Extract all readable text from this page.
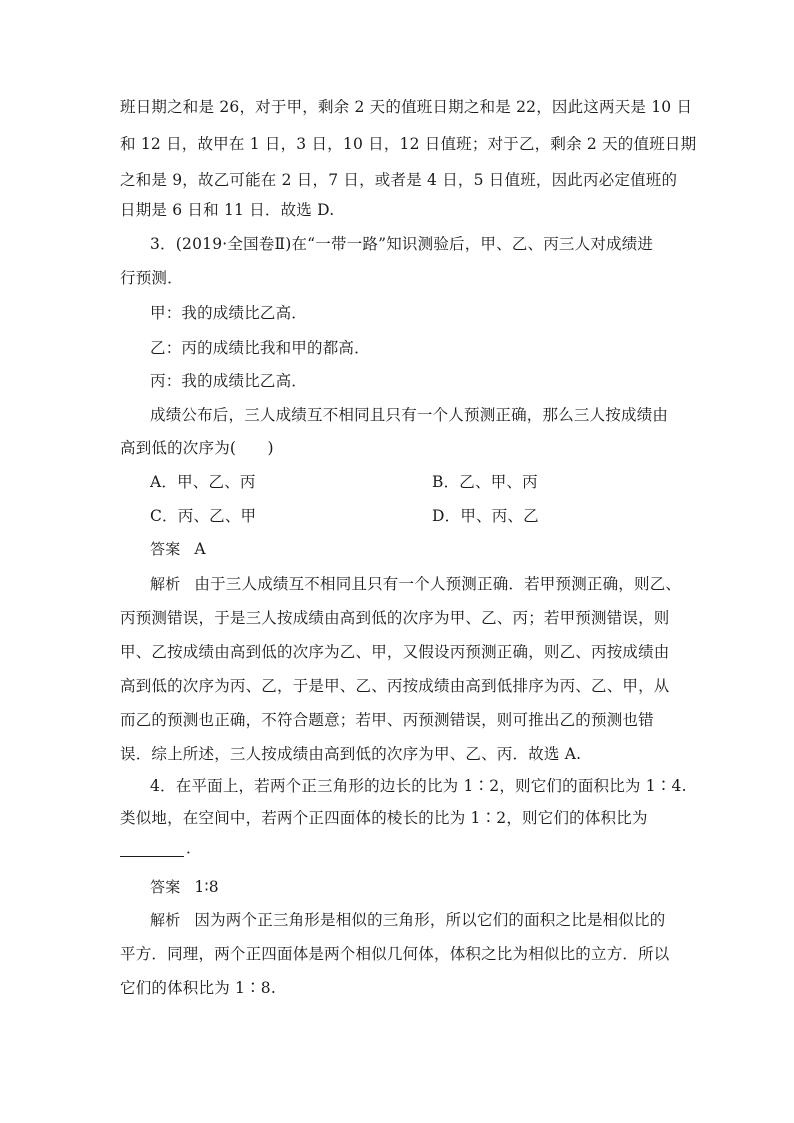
班日期之和是 26，对于甲，剩余 2 天的值班日期之和是 22，因此这两天是 10 日
和 12 日，故甲在 1 日，3 日，10 日，12 日值班；对于乙，剩余 2 天的值班日期
之和是 9，故乙可能在 2 日，7 日，或者是 4 日，5 日值班，因此丙必定值班的
日期是 6 日和 11 日．故选 D.
3．(2019·全国卷Ⅱ)在“一带一路”知识测验后，甲、乙、丙三人对成绩进
行预测．
甲：我的成绩比乙高．
乙：丙的成绩比我和甲的都高．
丙：我的成绩比乙高．
成绩公布后，三人成绩互不相同且只有一个人预测正确，那么三人按成绩由
高到低的次序为(　　)
A．甲、乙、丙	B．乙、甲、丙
C．丙、乙、甲	D．甲、丙、乙
答案 A
解析 由于三人成绩互不相同且只有一个人预测正确．若甲预测正确，则乙、
丙预测错误，于是三人按成绩由高到低的次序为甲、乙、丙；若甲预测错误，则
甲、乙按成绩由高到低的次序为乙、甲，又假设丙预测正确，则乙、丙按成绩由
高到低的次序为丙、乙，于是甲、乙、丙按成绩由高到低排序为丙、乙、甲，从
而乙的预测也正确，不符合题意；若甲、丙预测错误，则可推出乙的预测也错
误．综上所述，三人按成绩由高到低的次序为甲、乙、丙．故选 A.
4．在平面上，若两个正三角形的边长的比为 1∶2，则它们的面积比为 1∶4.
类似地，在空间中，若两个正四面体的棱长的比为 1∶2，则它们的体积比为
．
答案 1∶8
解析 因为两个正三角形是相似的三角形，所以它们的面积之比是相似比的
平方．同理，两个正四面体是两个相似几何体，体积之比为相似比的立方．所以
它们的体积比为 1∶8.
